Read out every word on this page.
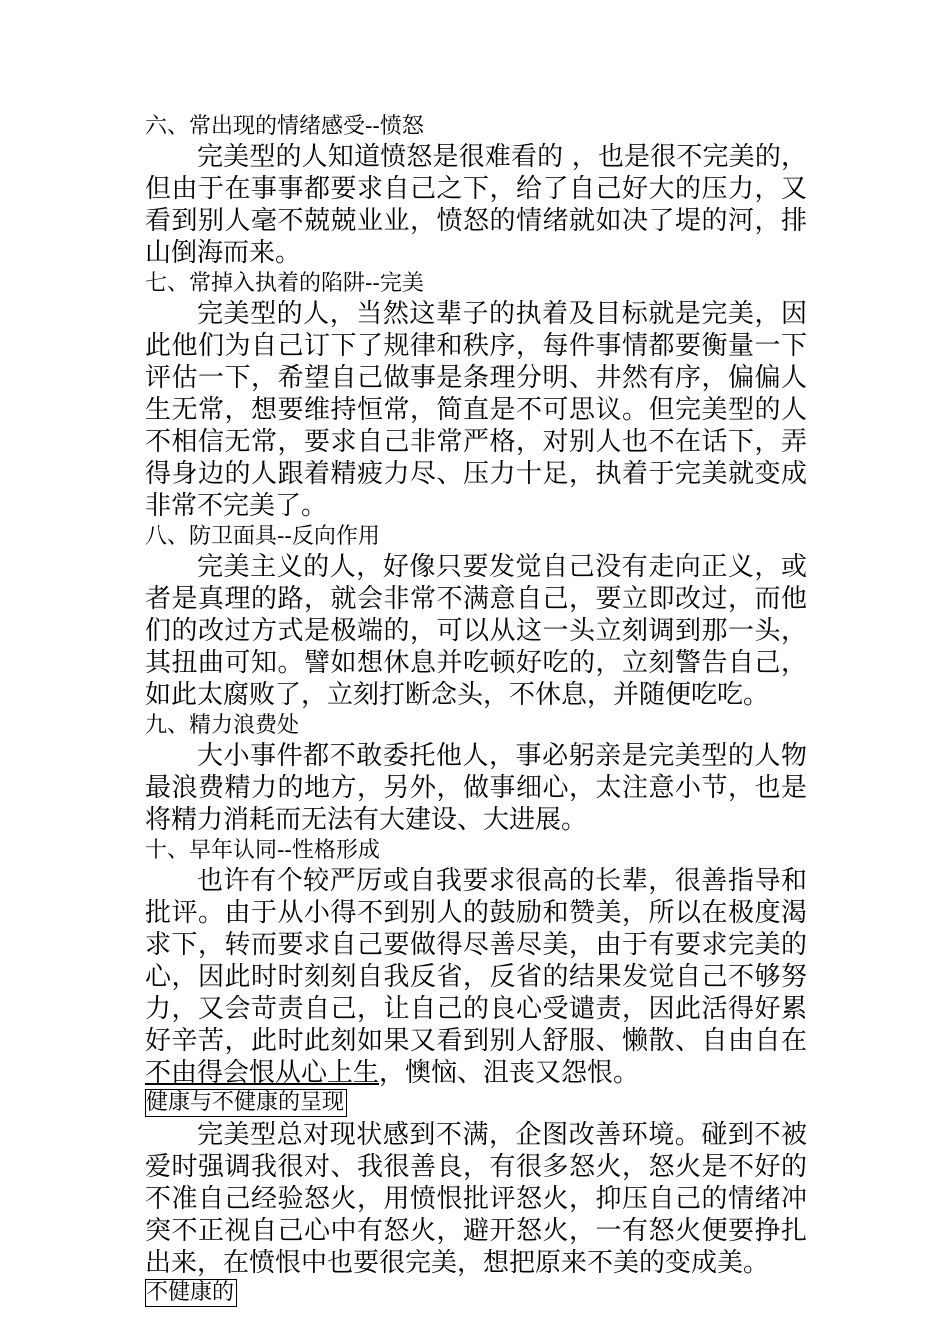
六、常出现的情绪感受--愤怒

完美型的人知道愤怒是很难看的 ，也是很不完美的，但由于在事事都要求自己之下，给了自己好大的压力，又看到别人毫不兢兢业业，愤怒的情绪就如决了堤的河，排山倒海而来。

七、常掉入执着的陷阱--完美

完美型的人，当然这辈子的执着及目标就是完美，因此他们为自己订下了规律和秩序，每件事情都要衡量一下评估一下，希望自己做事是条理分明、井然有序，偏偏人生无常，想要维持恒常，简直是不可思议。但完美型的人不相信无常，要求自己非常严格，对别人也不在话下，弄得身边的人跟着精疲力尽、压力十足，执着于完美就变成非常不完美了。

八、防卫面具--反向作用

完美主义的人，好像只要发觉自己没有走向正义，或者是真理的路，就会非常不满意自己，要立即改过，而他们的改过方式是极端的，可以从这一头立刻调到那一头，其扭曲可知。譬如想休息并吃顿好吃的，立刻警告自己，如此太腐败了，立刻打断念头，不休息，并随便吃吃。

九、精力浪费处

大小事件都不敢委托他人，事必躬亲是完美型的人物最浪费精力的地方，另外，做事细心，太注意小节，也是将精力消耗而无法有大建设、大进展。

十、早年认同--性格形成

也许有个较严厉或自我要求很高的长辈，很善指导和批评。由于从小得不到别人的鼓励和赞美，所以在极度渴求下，转而要求自己要做得尽善尽美，由于有要求完美的心，因此时时刻刻自我反省，反省的结果发觉自己不够努力，又会苛责自己，让自己的良心受谴责，因此活得好累好辛苦，此时此刻如果又看到别人舒服、懒散、自由自在不由得会恨从心上生，懊恼、沮丧又怨恨。

健康与不健康的呈现

完美型总对现状感到不满，企图改善环境。碰到不被爱时强调我很对、我很善良，有很多怒火，怒火是不好的不准自己经验怒火，用愤恨批评怒火，抑压自己的情绪冲突不正视自己心中有怒火，避开怒火，一有怒火便要挣扎出来，在愤恨中也要很完美，想把原来不美的变成美。

不健康的
